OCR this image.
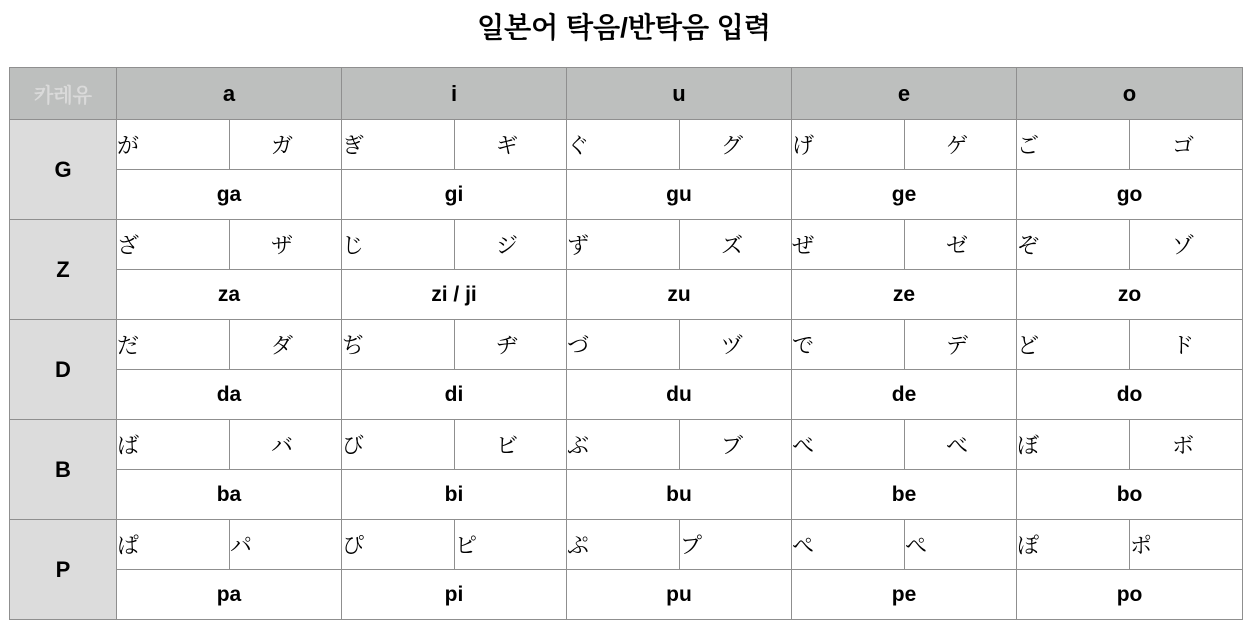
일본어 탁음/반탁음 입력
카레유	a		i		u		e		o	
G	が	ガ	ぎ	ギ	ぐ	グ	げ	ゲ	ご	ゴ
	ga		gi		gu		ge		go	
Z	ざ	ザ	じ	ジ	ず	ズ	ぜ	ゼ	ぞ	ゾ
	za		zi / ji		zu		ze		zo	
D	だ	ダ	ぢ	ヂ	づ	ヅ	で	デ	ど	ド
	da		di		du		de		do	
B	ば	バ	び	ビ	ぶ	ブ	べ	べ	ぼ	ボ
	ba		bi		bu		be		bo	
P	ぱ	パ	ぴ	ピ	ぷ	プ	ぺ	ぺ	ぽ	ポ
	pa		pi		pu		pe		po	
